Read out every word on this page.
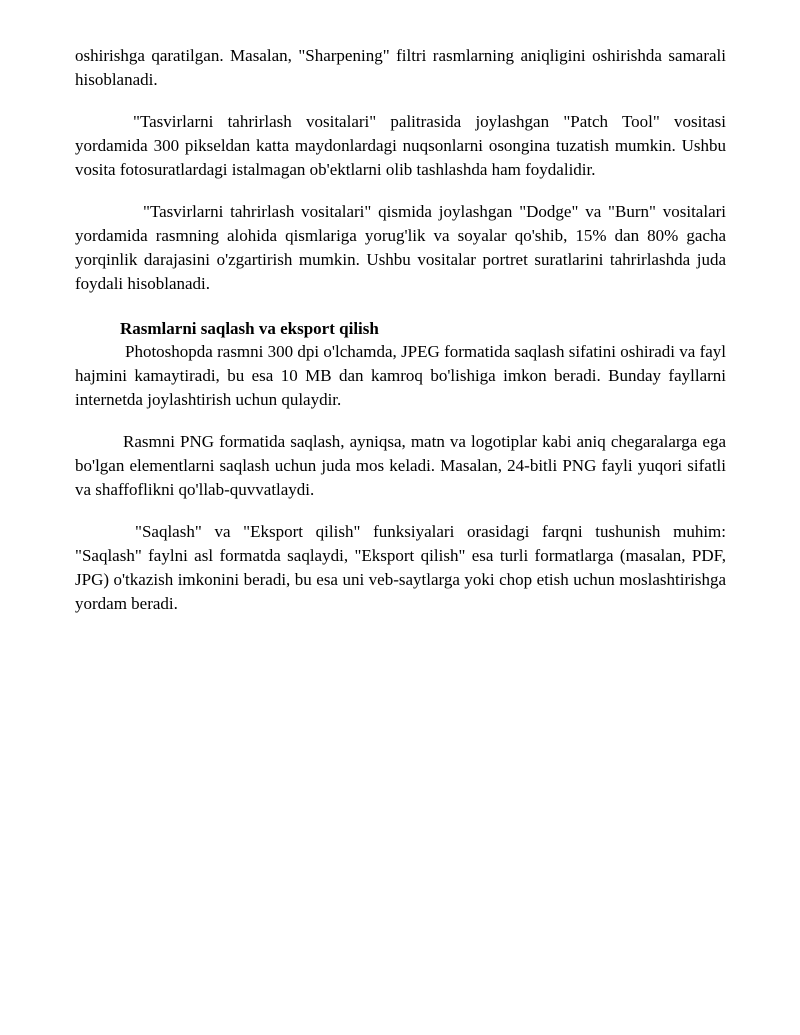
oshirishga qaratilgan. Masalan, "Sharpening" filtri rasmlarning aniqligini oshirishda samarali hisoblanadi.

"Tasvirlarni tahrirlash vositalari" palitrasida joylashgan "Patch Tool" vositasi yordamida 300 pikseldan katta maydonlardagi nuqsonlarni osongina tuzatish mumkin. Ushbu vosita fotosuratlardagi istalmagan ob'ektlarni olib tashlashda ham foydalidir.

"Tasvirlarni tahrirlash vositalari" qismida joylashgan "Dodge" va "Burn" vositalari yordamida rasmning alohida qismlariga yorug'lik va soyalar qo'shib, 15% dan 80% gacha yorqinlik darajasini o'zgartirish mumkin. Ushbu vositalar portret suratlarini tahrirlashda juda foydali hisoblanadi.

Rasmlarni saqlash va eksport qilish

Photoshopda rasmni 300 dpi o'lchamda, JPEG formatida saqlash sifatini oshiradi va fayl hajmini kamaytiradi, bu esa 10 MB dan kamroq bo'lishiga imkon beradi. Bunday fayllarni internetda joylashtirish uchun qulaydir.

Rasmni PNG formatida saqlash, ayniqsa, matn va logotiplar kabi aniq chegaralarga ega bo'lgan elementlarni saqlash uchun juda mos keladi. Masalan, 24-bitli PNG fayli yuqori sifatli va shaffoflikni qo'llab-quvvatlaydi.

"Saqlash" va "Eksport qilish" funksiyalari orasidagi farqni tushunish muhim: "Saqlash" faylni asl formatda saqlaydi, "Eksport qilish" esa turli formatlarga (masalan, PDF, JPG) o'tkazish imkonini beradi, bu esa uni veb-saytlarga yoki chop etish uchun moslashtirishga yordam beradi.
